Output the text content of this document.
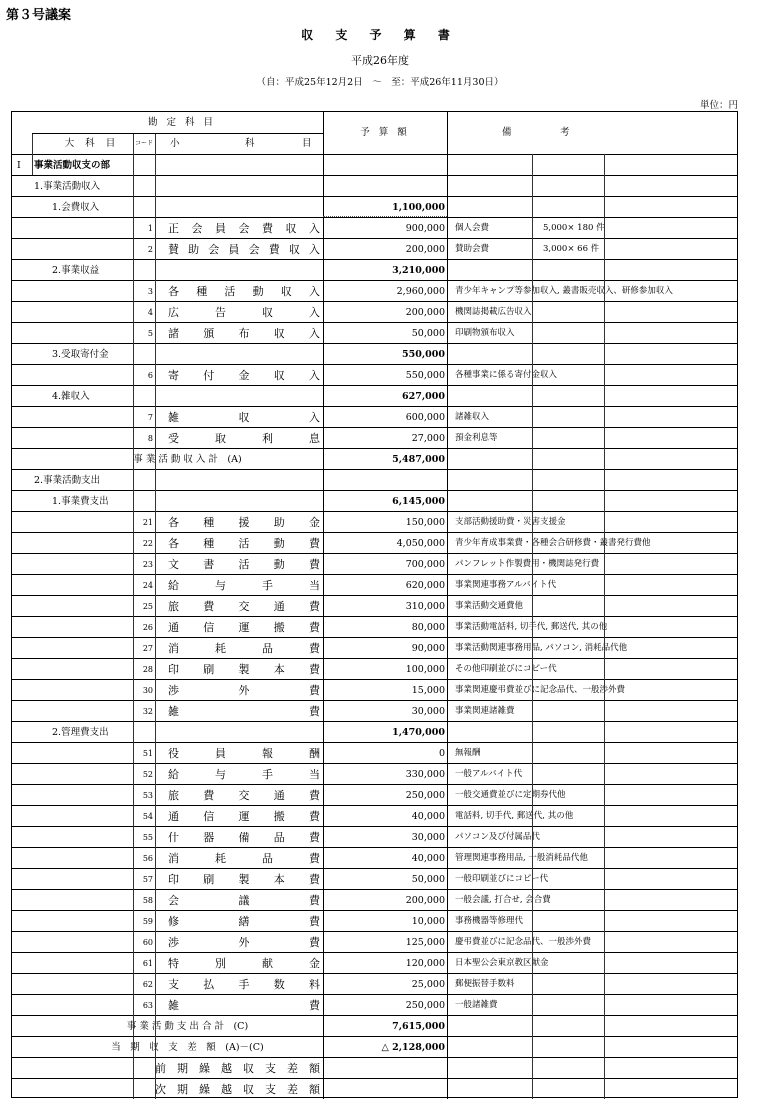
第３号議案
収 支 予 算 書
平成26年度
（自：平成25年12月2日　～　至：平成26年11月30日）
単位：円
勘 定 科 目
大 科 目	コード 小	科	目
予 算 額	備	考
I 事業活動収支の部
1.事業活動収入
1.会費収入	1,100,000
1 正 会 員 会 費 収 入	900,000 個人会費	5,000× 180 件
2 賛 助 会 員 会 費 収 入	200,000 賛助会費	3,000× 66 件
2.事業収益	3,210,000
3 各 種 活 動 収 入	2,960,000 青少年キャンプ等参加収入, 叢書販売収入、研修参加収入
4 広	告	収	入	200,000 機関誌掲載広告収入
5 諸 頒 布 収 入	50,000 印刷物頒布収入
3.受取寄付金	550,000
6 寄 付 金 収 入	550,000 各種事業に係る寄付金収入
4.雑収入	627,000
7 雑	収	入	600,000 諸雑収入
8 受	取	利	息	27,000 預金利息等
事 業 活 動 収 入 計　(A)	5,487,000
2.事業活動支出
1.事業費支出	6,145,000
21 各 種 援 助 金	150,000 支部活動援助費・災害支援金
22 各 種 活 動 費	4,050,000 青少年育成事業費・各種会合研修費・叢書発行費他
23 文 書 活 動 費	700,000 パンフレット作製費用・機関誌発行費
24 給	与	手	当	620,000 事業関連事務アルバイト代
25 旅 費 交 通 費	310,000 事業活動交通費他
26 通 信 運 搬 費	80,000 事業活動電話料, 切手代, 郵送代, 其の他
27 消	耗	品	費	90,000 事業活動関連事務用品, パソコン, 消耗品代他
28 印 刷 製 本 費	100,000 その他印刷並びにコピー代
30 渉	外	費	15,000 事業関連慶弔費並びに記念品代、一般渉外費
32 雑	費	30,000 事業関連諸雑費
2.管理費支出	1,470,000
51 役	員	報	酬	0 無報酬
52 給	与	手	当	330,000 一般アルバイト代
53 旅 費 交 通 費	250,000 一般交通費並びに定期券代他
54 通 信 運 搬 費	40,000 電話料, 切手代, 郵送代, 其の他
55 什 器 備 品 費	30,000 パソコン及び付属品代
56 消	耗	品	費	40,000 管理関連事務用品, 一般消耗品代他
57 印 刷 製 本 費	50,000 一般印刷並びにコピー代
58 会	議	費	200,000 一般会議, 打合せ, 会合費
59 修	繕	費	10,000 事務機器等修理代
60 渉	外	費	125,000 慶弔費並びに記念品代、一般渉外費
61 特	別	献	金	120,000 日本聖公会東京教区献金
62 支 払 手 数 料	25,000 郵便振替手数料
63 雑	費	250,000 一般諸雑費
事 業 活 動 支 出 合 計　(C)	7,615,000
当　期　収　支　差　額　(A)－(C)	△ 2,128,000
前 期 繰 越 収 支 差 額
次 期 繰 越 収 支 差 額
